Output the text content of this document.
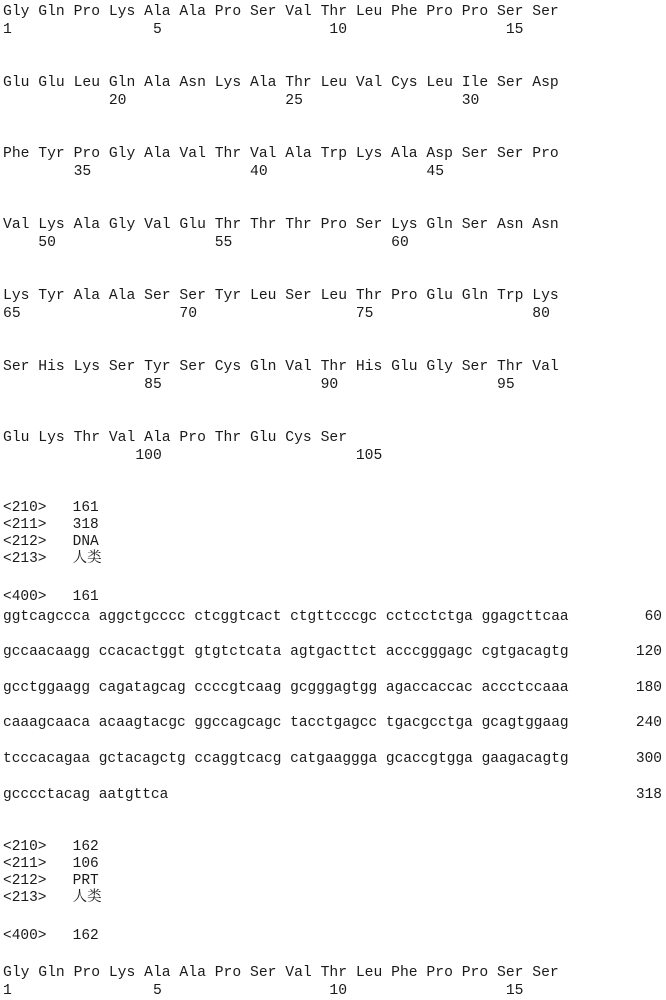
Gly Gln Pro Lys Ala Ala Pro Ser Val Thr Leu Phe Pro Pro Ser Ser
1                5                   10                  15
Glu Glu Leu Gln Ala Asn Lys Ala Thr Leu Val Cys Leu Ile Ser Asp
20                  25                  30
Phe Tyr Pro Gly Ala Val Thr Val Ala Trp Lys Ala Asp Ser Ser Pro
35                  40                  45
Val Lys Ala Gly Val Glu Thr Thr Thr Pro Ser Lys Gln Ser Asn Asn
50                  55                  60
Lys Tyr Ala Ala Ser Ser Tyr Leu Ser Leu Thr Pro Glu Gln Trp Lys
65                  70                  75                  80
Ser His Lys Ser Tyr Ser Cys Gln Val Thr His Glu Gly Ser Thr Val
85                  90                  95
Glu Lys Thr Val Ala Pro Thr Glu Cys Ser
100                      105
<210> 161
<211> 318
<212> DNA
<213> 人类
<400> 161
ggtcagccca aggctgcccc ctcggtcact ctgttcccgc cctcctctga ggagcttcaa	60
gccaacaagg ccacactggt gtgtctcata agtgacttct acccgggagc cgtgacagtg	120
gcctggaagg cagatagcag ccccgtcaag gcgggagtgg agaccaccac accctccaaa	180
caaagcaaca acaagtacgc ggccagcagc tacctgagcc tgacgcctga gcagtggaag	240
tcccacagaa gctacagctg ccaggtcacg catgaaggga gcaccgtgga gaagacagtg	300
gcccctacag aatgttca	318
<210> 162
<211> 106
<212> PRT
<213> 人类
<400> 162
Gly Gln Pro Lys Ala Ala Pro Ser Val Thr Leu Phe Pro Pro Ser Ser
1                5                   10                  15
